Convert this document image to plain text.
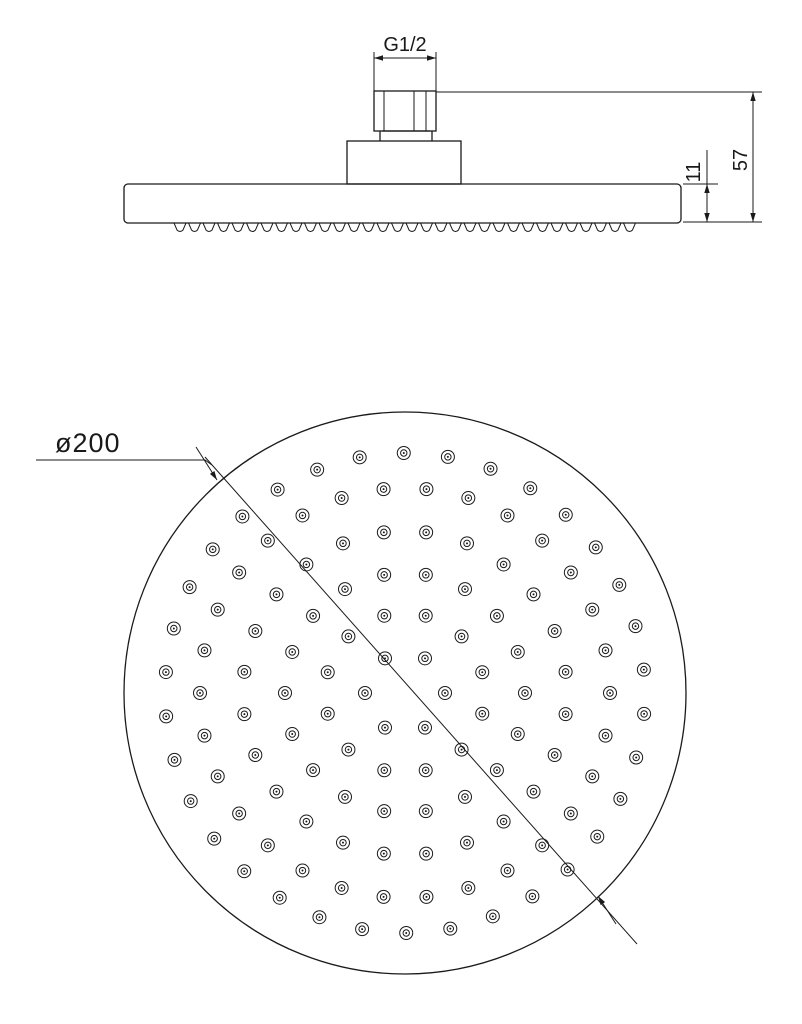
G1/2
57
11
ø200
